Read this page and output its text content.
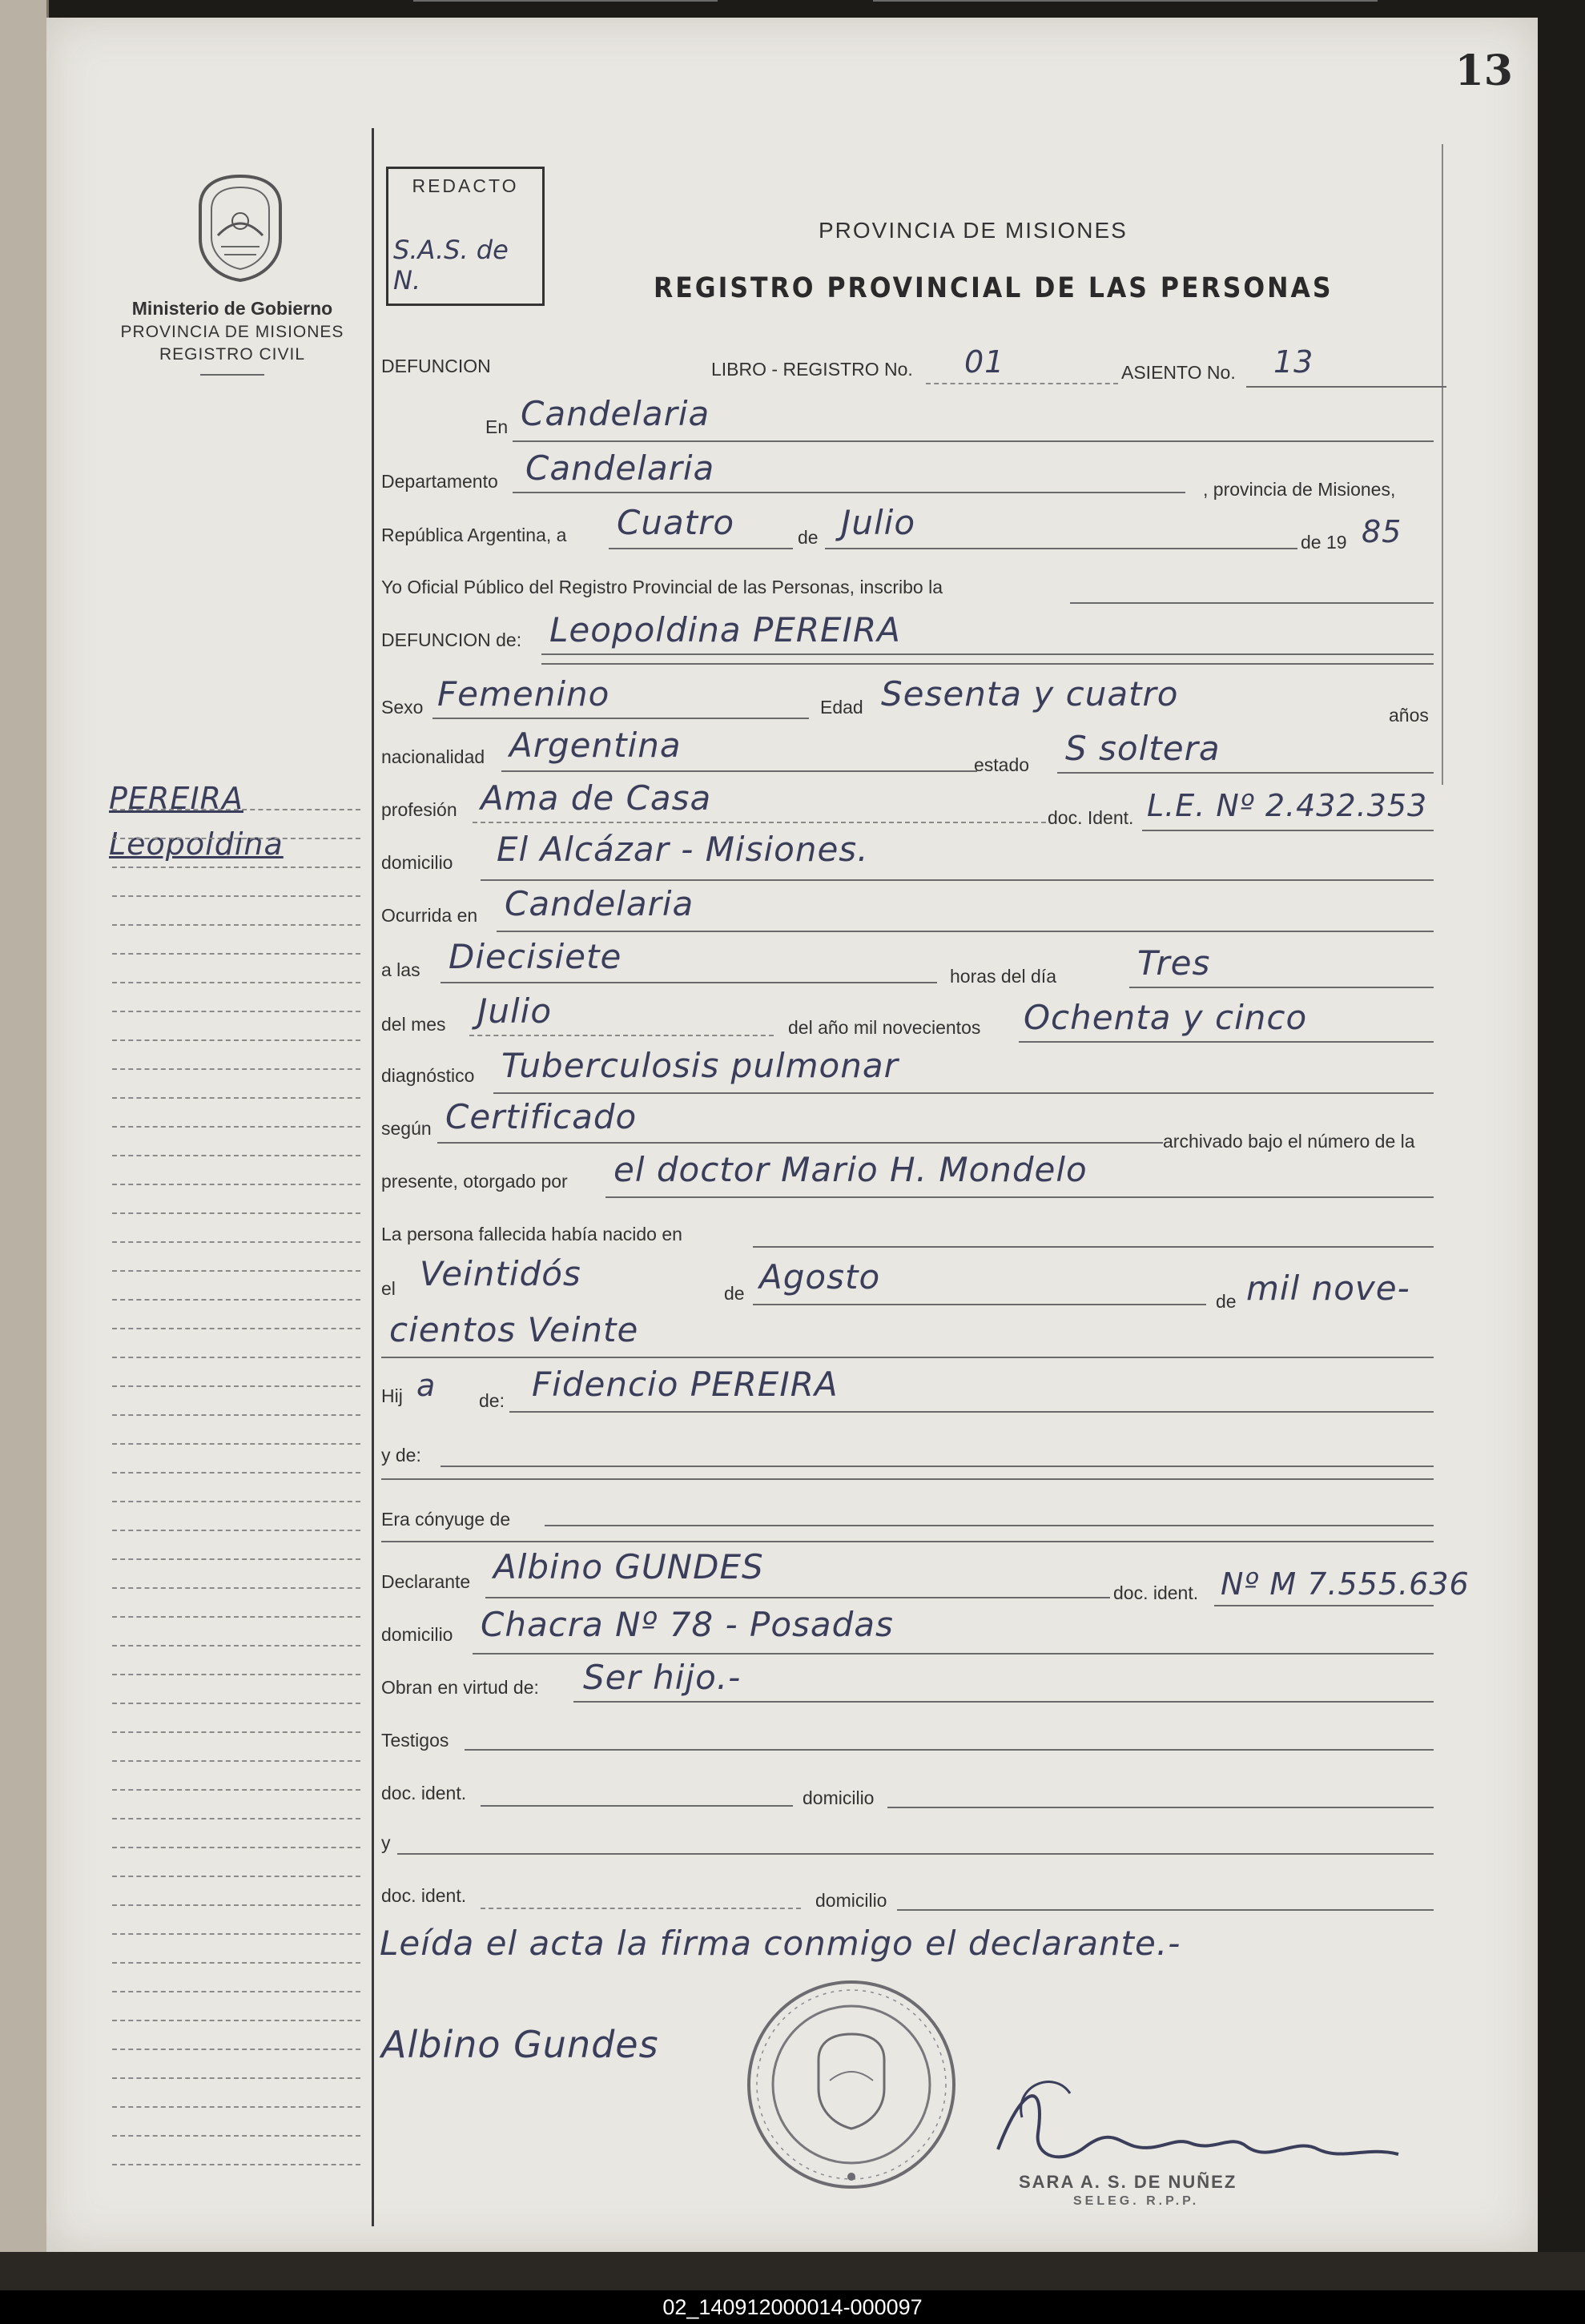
13
Ministerio de Gobierno
PROVINCIA DE MISIONES
REGISTRO CIVIL
PEREIRA
Leopoldina
REDACTO
S.A.S. de N.
PROVINCIA DE MISIONES
REGISTRO PROVINCIAL DE LAS PERSONAS
DEFUNCION	LIBRO - REGISTRO No. 01	ASIENTO No. 13
En Candelaria
Departamento Candelaria
, provincia de Misiones,
República Argentina, a Cuatro	de Julio	de 19 85
Yo Oficial Público del Registro Provincial de las Personas, inscribo la
DEFUNCION de: Leopoldina PEREIRA
Sexo Femenino	Edad Sesenta y cuatro
años
nacionalidad Argentina	estado S soltera
profesión Ama de Casa	doc. Ident. L.E. Nº 2.432.353
domicilio El Alcázar - Misiones.
Ocurrida en Candelaria
a las Diecisiete	horas del día Tres
del mes Julio	del año mil novecientos Ochenta y cinco
diagnóstico Tuberculosis pulmonar
según Certificado
archivado bajo el número de la
presente, otorgado por el doctor Mario H. Mondelo
La persona fallecida había nacido en
el Veintidós	de Agosto
de mil nove-
cientos Veinte
Hij a de: Fidencio PEREIRA
y de:
Era cónyuge de
Declarante Albino GUNDES
doc. ident. Nº M 7.555.636
domicilio Chacra Nº 78 - Posadas
Obran en virtud de: Ser hijo.-
Testigos
doc. ident.	domicilio
y
doc. ident.	domicilio
Leída el acta la firma conmigo el declarante.-
Albino Gundes
SARA A. S. DE NUÑEZ
SELEG. R.P.P.
02_140912000014-000097
